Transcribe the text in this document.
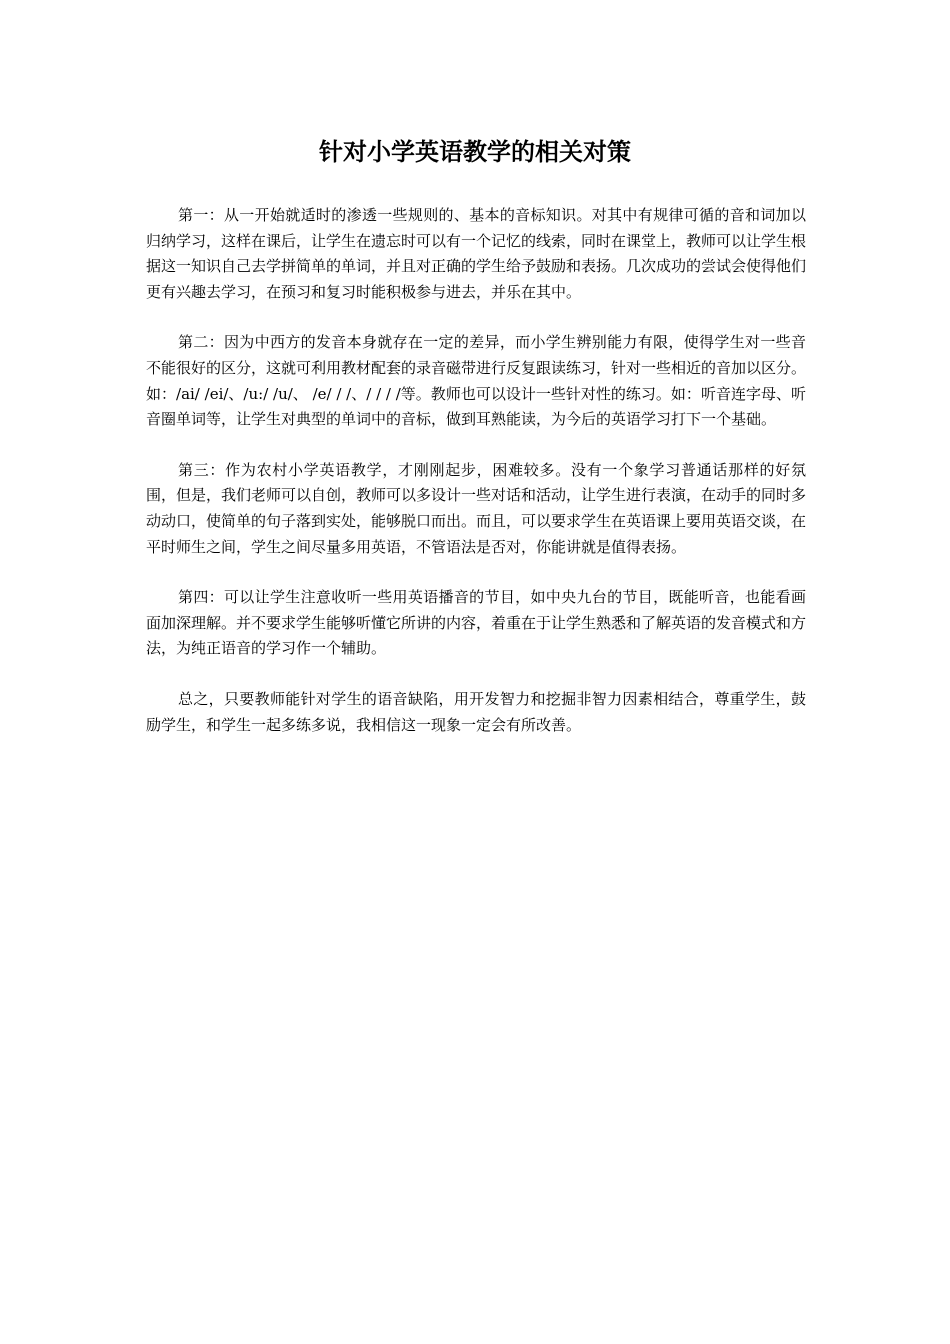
针对小学英语教学的相关对策

第一：从一开始就适时的渗透一些规则的、基本的音标知识。对其中有规律可循的音和词加以归纳学习，这样在课后，让学生在遗忘时可以有一个记忆的线索，同时在课堂上，教师可以让学生根据这一知识自己去学拼简单的单词，并且对正确的学生给予鼓励和表扬。几次成功的尝试会使得他们更有兴趣去学习，在预习和复习时能积极参与进去，并乐在其中。

第二：因为中西方的发音本身就存在一定的差异，而小学生辨别能力有限，使得学生对一些音不能很好的区分，这就可利用教材配套的录音磁带进行反复跟读练习，针对一些相近的音加以区分。如：/ai/ /ei/、/u:/ /u/、 /e/ / /、/ / / /等。教师也可以设计一些针对性的练习。如：听音连字母、听音圈单词等，让学生对典型的单词中的音标，做到耳熟能读，为今后的英语学习打下一个基础。

第三：作为农村小学英语教学，才刚刚起步，困难较多。没有一个象学习普通话那样的好氛围，但是，我们老师可以自创，教师可以多设计一些对话和活动，让学生进行表演，在动手的同时多动动口，使简单的句子落到实处，能够脱口而出。而且，可以要求学生在英语课上要用英语交谈，在平时师生之间，学生之间尽量多用英语，不管语法是否对，你能讲就是值得表扬。

第四：可以让学生注意收听一些用英语播音的节目，如中央九台的节目，既能听音，也能看画面加深理解。并不要求学生能够听懂它所讲的内容，着重在于让学生熟悉和了解英语的发音模式和方法，为纯正语音的学习作一个辅助。

总之，只要教师能针对学生的语音缺陷，用开发智力和挖掘非智力因素相结合，尊重学生，鼓励学生，和学生一起多练多说，我相信这一现象一定会有所改善。
